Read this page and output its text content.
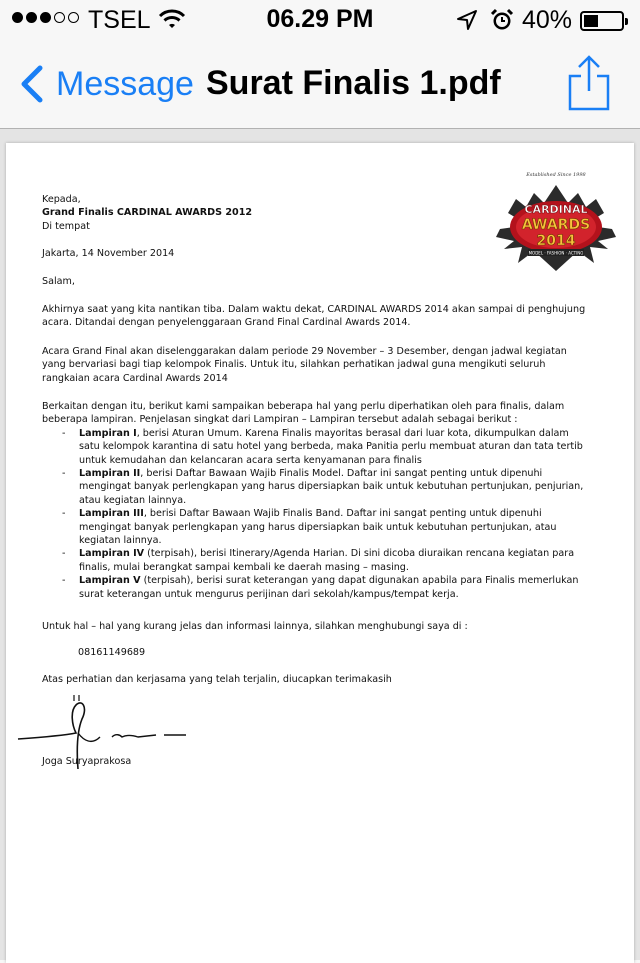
TSEL	06.29 PM	40%
Message Surat Finalis 1.pdf
Established Since 1998
CARDINAL
AWARDS
2014
MODEL · FASHION · ACTING

Kepada,

Grand Finalis CARDINAL AWARDS 2012

Di tempat

Jakarta, 14 November 2014

Salam,

Akhirnya saat yang kita nantikan tiba. Dalam waktu dekat, CARDINAL AWARDS 2014 akan sampai di penghujung acara. Ditandai dengan penyelenggaraan Grand Final Cardinal Awards 2014.

Acara Grand Final akan diselenggarakan dalam periode 29 November – 3 Desember, dengan jadwal kegiatan yang bervariasi bagi tiap kelompok Finalis. Untuk itu, silahkan perhatikan jadwal guna mengikuti seluruh rangkaian acara Cardinal Awards 2014

Berkaitan dengan itu, berikut kami sampaikan beberapa hal yang perlu diperhatikan oleh para finalis, dalam beberapa lampiran. Penjelasan singkat dari Lampiran – Lampiran tersebut adalah sebagai berikut :

- Lampiran I, berisi Aturan Umum. Karena Finalis mayoritas berasal dari luar kota, dikumpulkan dalam satu kelompok karantina di satu hotel yang berbeda, maka Panitia perlu membuat aturan dan tata tertib untuk kemudahan dan kelancaran acara serta kenyamanan para finalis
- Lampiran II, berisi Daftar Bawaan Wajib Finalis Model. Daftar ini sangat penting untuk dipenuhi mengingat banyak perlengkapan yang harus dipersiapkan baik untuk kebutuhan pertunjukan, penjurian, atau kegiatan lainnya.
- Lampiran III, berisi Daftar Bawaan Wajib Finalis Band. Daftar ini sangat penting untuk dipenuhi mengingat banyak perlengkapan yang harus dipersiapkan baik untuk kebutuhan pertunjukan, atau kegiatan lainnya.
- Lampiran IV (terpisah), berisi Itinerary/Agenda Harian. Di sini dicoba diuraikan rencana kegiatan para finalis, mulai berangkat sampai kembali ke daerah masing – masing.
- Lampiran V (terpisah), berisi surat keterangan yang dapat digunakan apabila para Finalis memerlukan surat keterangan untuk mengurus perijinan dari sekolah/kampus/tempat kerja.

Untuk hal – hal yang kurang jelas dan informasi lainnya, silahkan menghubungi saya di :

08161149689

Atas perhatian dan kerjasama yang telah terjalin, diucapkan terimakasih

Joga Suryaprakosa
